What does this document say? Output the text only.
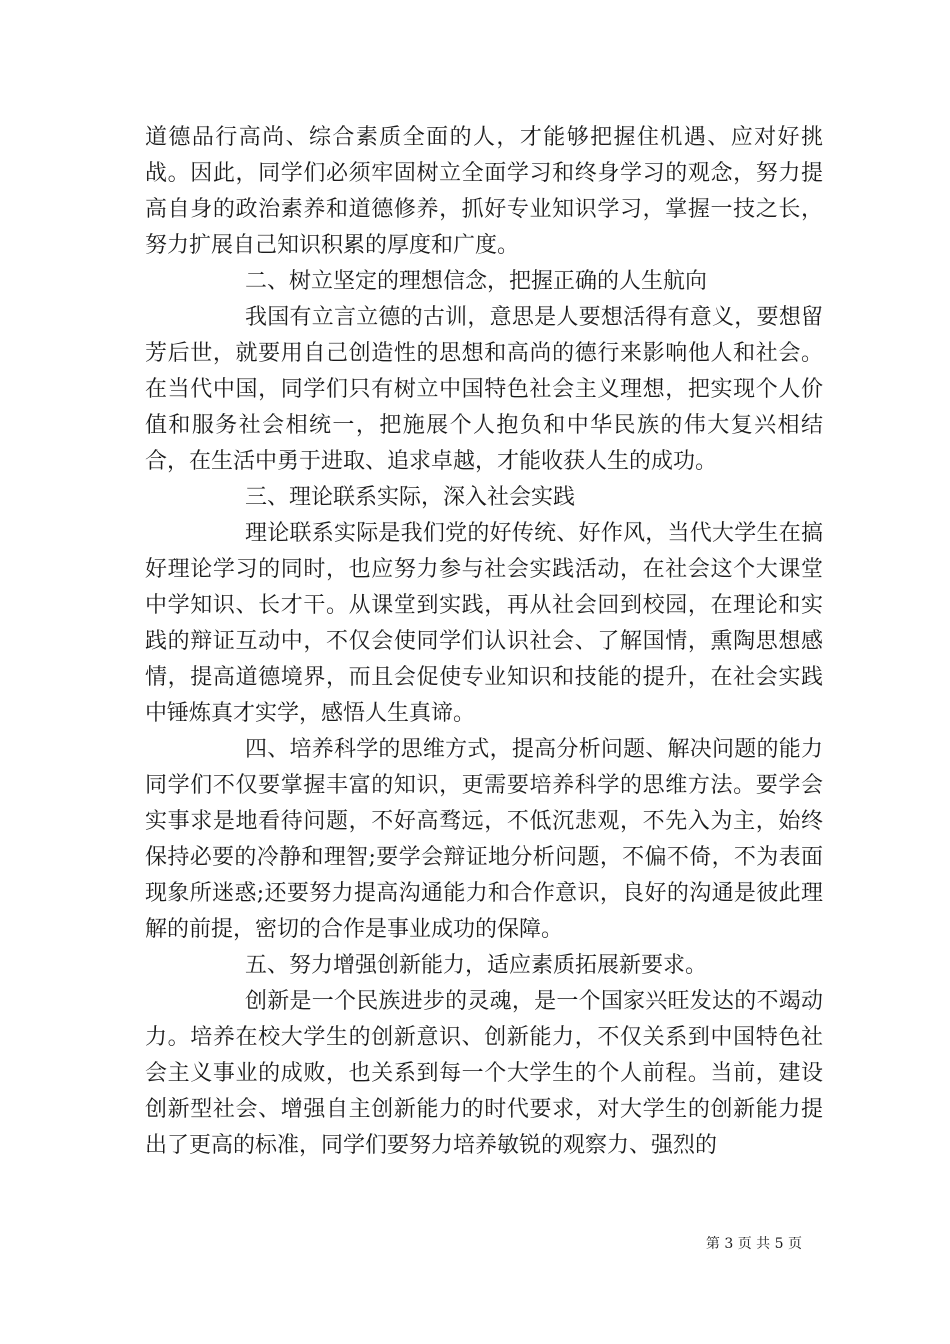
道德品行高尚、综合素质全面的人，才能够把握住机遇、应对好挑战。因此，同学们必须牢固树立全面学习和终身学习的观念，努力提高自身的政治素养和道德修养，抓好专业知识学习，掌握一技之长，努力扩展自己知识积累的厚度和广度。

二、树立坚定的理想信念，把握正确的人生航向

我国有立言立德的古训，意思是人要想活得有意义，要想留芳后世，就要用自己创造性的思想和高尚的德行来影响他人和社会。在当代中国，同学们只有树立中国特色社会主义理想，把实现个人价值和服务社会相统一，把施展个人抱负和中华民族的伟大复兴相结合，在生活中勇于进取、追求卓越，才能收获人生的成功。

三、理论联系实际，深入社会实践

理论联系实际是我们党的好传统、好作风，当代大学生在搞好理论学习的同时，也应努力参与社会实践活动，在社会这个大课堂中学知识、长才干。从课堂到实践，再从社会回到校园，在理论和实践的辩证互动中，不仅会使同学们认识社会、了解国情，熏陶思想感情，提高道德境界，而且会促使专业知识和技能的提升，在社会实践中锤炼真才实学，感悟人生真谛。

四、培养科学的思维方式，提高分析问题、解决问题的能力同学们不仅要掌握丰富的知识，更需要培养科学的思维方法。要学会实事求是地看待问题，不好高骛远，不低沉悲观，不先入为主，始终保持必要的冷静和理智;要学会辩证地分析问题，不偏不倚，不为表面现象所迷惑;还要努力提高沟通能力和合作意识，良好的沟通是彼此理解的前提，密切的合作是事业成功的保障。

五、努力增强创新能力，适应素质拓展新要求。

创新是一个民族进步的灵魂，是一个国家兴旺发达的不竭动力。培养在校大学生的创新意识、创新能力，不仅关系到中国特色社会主义事业的成败，也关系到每一个大学生的个人前程。当前，建设创新型社会、增强自主创新能力的时代要求，对大学生的创新能力提出了更高的标准，同学们要努力培养敏锐的观察力、强烈的

第 3 页 共 5 页
